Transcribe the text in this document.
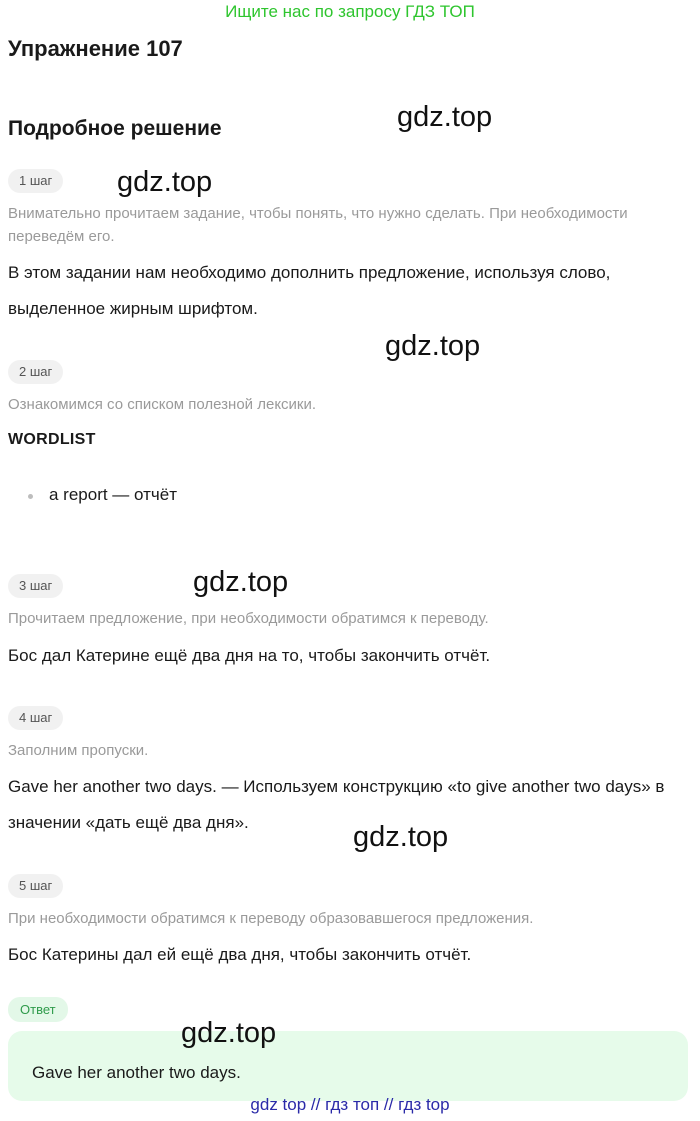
Ищите нас по запросу ГДЗ ТОП
Упражнение 107
Подробное решение	gdz.top
gdz.top
gdz.top
gdz.top
gdz.top
1 шаг
Внимательно прочитаем задание, чтобы понять, что нужно сделать. При необходимости переведём его.
В этом задании нам необходимо дополнить предложение, используя слово, выделенное жирным шрифтом.
2 шаг
Ознакомимся со списком полезной лексики.
WORDLIST
a report — отчёт
3 шаг
Прочитаем предложение, при необходимости обратимся к переводу.
Бос дал Катерине ещё два дня на то, чтобы закончить отчёт.
4 шаг
Заполним пропуски.
Gave her another two days. — Используем конструкцию «to give another two days» в значении «дать ещё два дня».
5 шаг
При необходимости обратимся к переводу образовавшегося предложения.
Бос Катерины дал ей ещё два дня, чтобы закончить отчёт.
Ответ
gdz.top
Gave her another two days.
gdz top // гдз топ // гдз top
